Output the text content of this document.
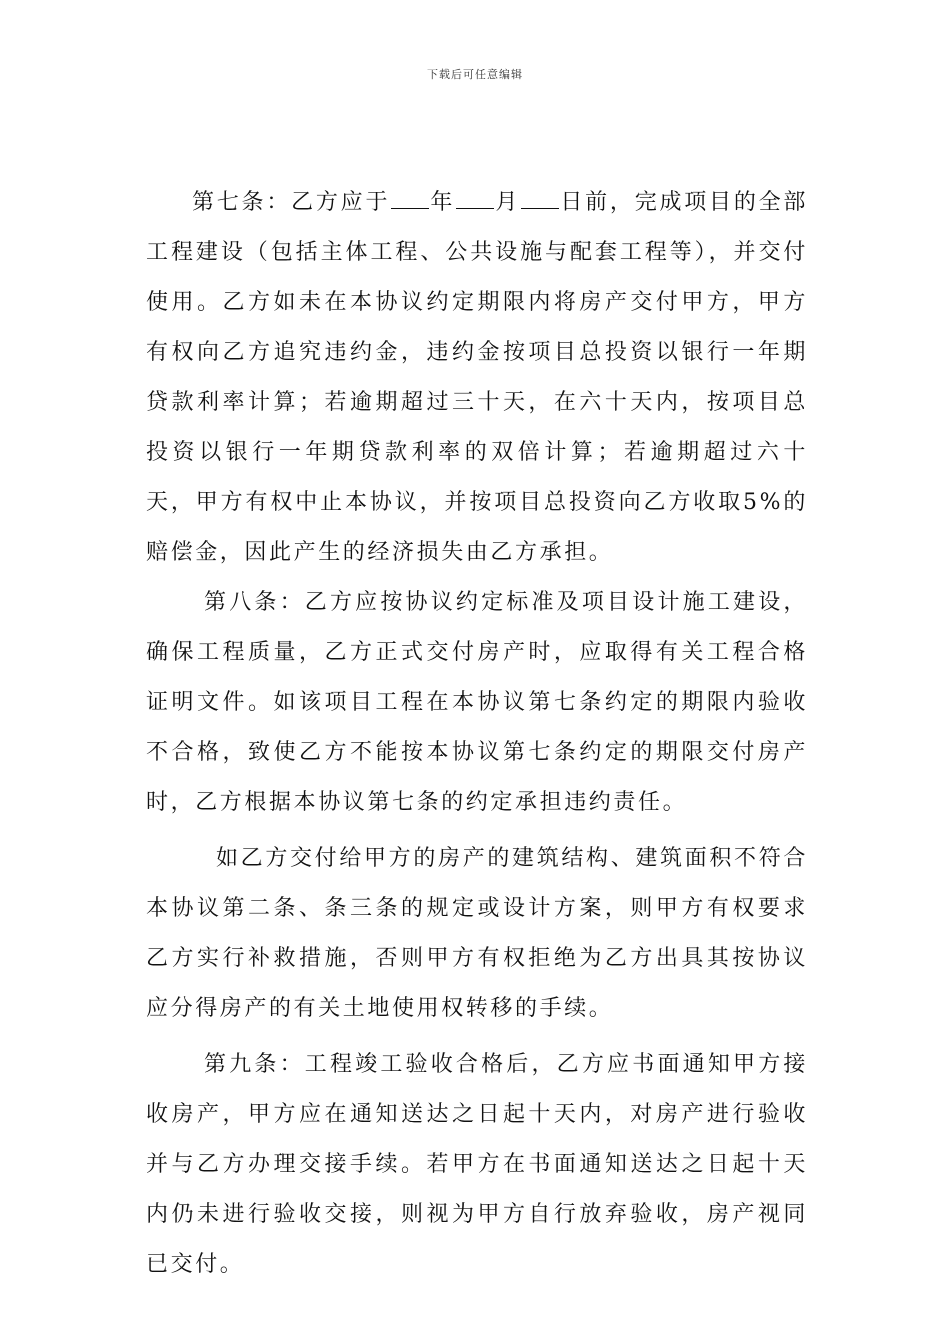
下载后可任意编辑

第七条：乙方应于 年 月 日前，完成项目的全部工程建设（包括主体工程、公共设施与配套工程等），并交付使用。乙方如未在本协议约定期限内将房产交付甲方，甲方有权向乙方追究违约金，违约金按项目总投资以银行一年期贷款利率计算；若逾期超过三十天，在六十天内，按项目总投资以银行一年期贷款利率的双倍计算；若逾期超过六十天，甲方有权中止本协议，并按项目总投资向乙方收取5%的赔偿金，因此产生的经济损失由乙方承担。

第八条：乙方应按协议约定标准及项目设计施工建设，确保工程质量，乙方正式交付房产时，应取得有关工程合格证明文件。如该项目工程在本协议第七条约定的期限内验收不合格，致使乙方不能按本协议第七条约定的期限交付房产时，乙方根据本协议第七条的约定承担违约责任。

如乙方交付给甲方的房产的建筑结构、建筑面积不符合本协议第二条、条三条的规定或设计方案，则甲方有权要求乙方实行补救措施，否则甲方有权拒绝为乙方出具其按协议应分得房产的有关土地使用权转移的手续。

第九条：工程竣工验收合格后，乙方应书面通知甲方接收房产，甲方应在通知送达之日起十天内，对房产进行验收并与乙方办理交接手续。若甲方在书面通知送达之日起十天内仍未进行验收交接，则视为甲方自行放弃验收，房产视同已交付。
